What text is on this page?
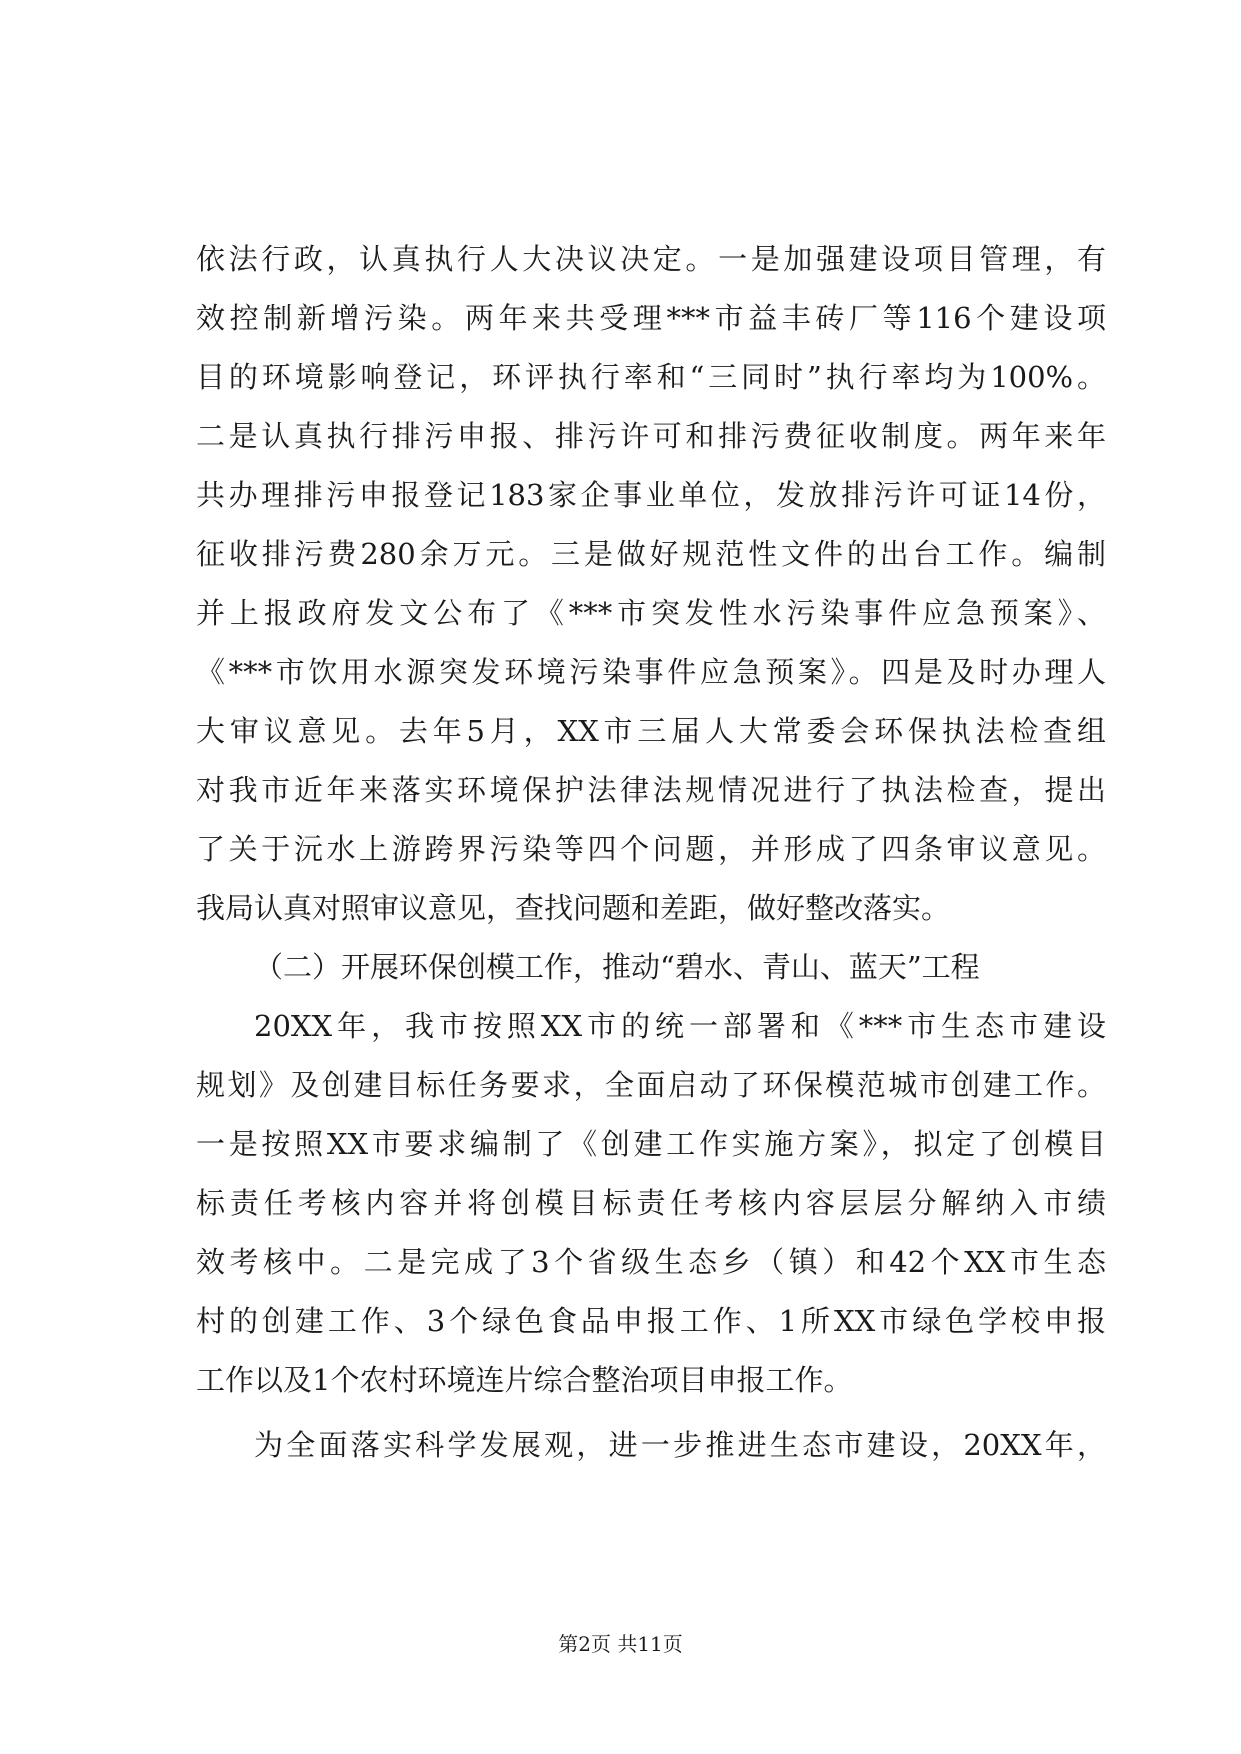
依法行政，认真执行人大决议决定。一是加强建设项目管理，有
效控制新增污染。两年来共受理***市益丰砖厂等116个建设项
目的环境影响登记，环评执行率和“三同时”执行率均为100%。
二是认真执行排污申报、排污许可和排污费征收制度。两年来年
共办理排污申报登记183家企事业单位，发放排污许可证14份，
征收排污费280余万元。三是做好规范性文件的出台工作。编制
并上报政府发文公布了《***市突发性水污染事件应急预案》、
《***市饮用水源突发环境污染事件应急预案》。四是及时办理人
大审议意见。去年5月，XX市三届人大常委会环保执法检查组
对我市近年来落实环境保护法律法规情况进行了执法检查，提出
了关于沅水上游跨界污染等四个问题，并形成了四条审议意见。
我局认真对照审议意见，查找问题和差距，做好整改落实。
（二）开展环保创模工作，推动“碧水、青山、蓝天”工程
20XX年，我市按照XX市的统一部署和《***市生态市建设
规划》及创建目标任务要求，全面启动了环保模范城市创建工作。
一是按照XX市要求编制了《创建工作实施方案》，拟定了创模目
标责任考核内容并将创模目标责任考核内容层层分解纳入市绩
效考核中。二是完成了3个省级生态乡（镇）和42个XX市生态
村的创建工作、3个绿色食品申报工作、1所XX市绿色学校申报
工作以及1个农村环境连片综合整治项目申报工作。
为全面落实科学发展观，进一步推进生态市建设，20XX年，
第2页 共11页
